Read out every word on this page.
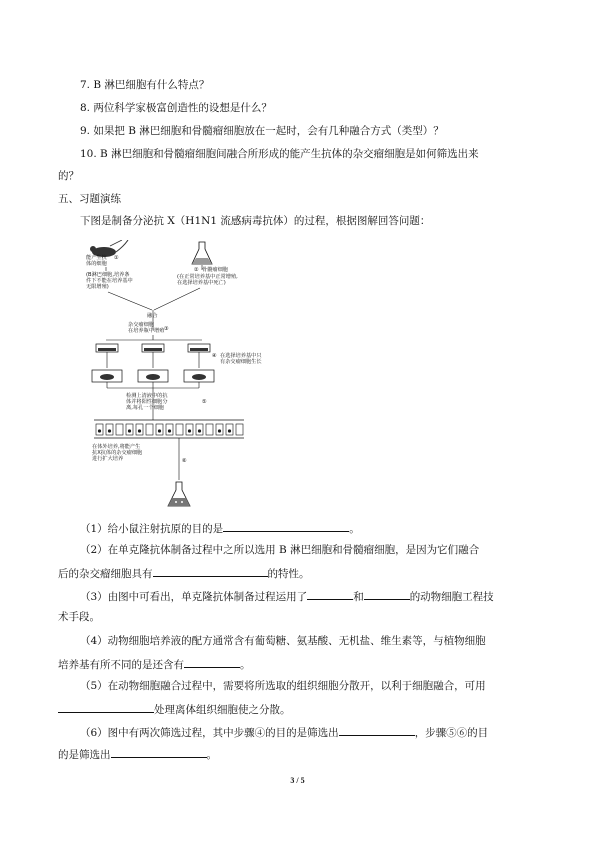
7. B 淋巴细胞有什么特点？
8. 两位科学家极富创造性的设想是什么？
9. 如果把 B 淋巴细胞和骨髓瘤细胞放在一起时，会有几种融合方式（类型）？
10. B 淋巴细胞和骨髓瘤细胞间融合所形成的能产生抗体的杂交瘤细胞是如何筛选出来
的？
五、习题演练
下图是制备分泌抗 X（H1N1 流感病毒抗体）的过程，根据图解回答问题：
①
能产生抗
体的细胞
(B淋巴细胞,培养条
件下不能在培养基中
无限增殖)
② 骨髓瘤细胞
(在正常培养基中正常增殖,
在选择培养基中死亡)
融合
杂交瘤细胞
在培养瓶中增殖 ③
④ 在选择培养基中只
有杂交瘤细胞生长
检测上清液中的抗
体并将阳性细胞分
离,每孔一个细胞
⑤
⑥
在体外培养,将能产生
抗X抗体的杂交瘤细胞
进行扩大培养
（1）给小鼠注射抗原的目的是	。
（2）在单克隆抗体制备过程中之所以选用 B 淋巴细胞和骨髓瘤细胞，是因为它们融合
后的杂交瘤细胞具有	的特性。
（3）由图中可看出，单克隆抗体制备过程运用了	和	的动物细胞工程技
术手段。
（4）动物细胞培养液的配方通常含有葡萄糖、氨基酸、无机盐、维生素等，与植物细胞
培养基有所不同的是还含有	。
（5）在动物细胞融合过程中，需要将所选取的组织细胞分散开，以利于细胞融合，可用
处理离体组织细胞使之分散。
（6）图中有两次筛选过程，其中步骤④的目的是筛选出	，步骤⑤⑥的目
的是筛选出	。
3 / 5
